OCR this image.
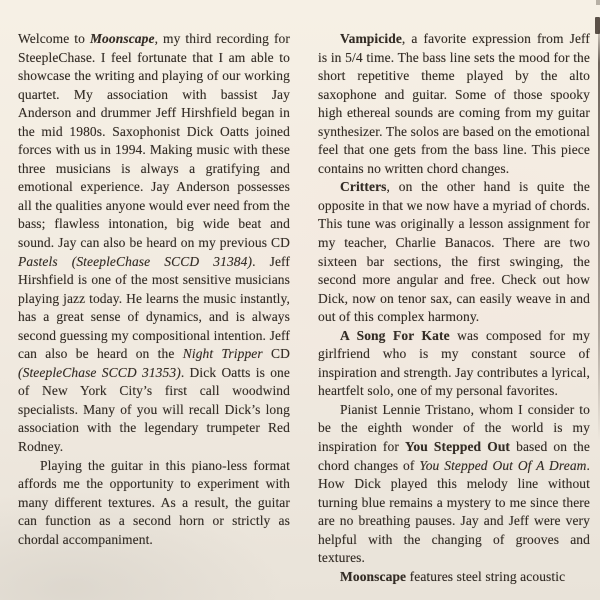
Welcome to Moonscape, my third recording for SteepleChase. I feel fortunate that I am able to showcase the writing and playing of our working quartet. My association with bassist Jay Anderson and drummer Jeff Hirshfield began in the mid 1980s. Saxophonist Dick Oatts joined forces with us in 1994. Making music with these three musicians is always a gratifying and emotional experience. Jay Anderson possesses all the qualities anyone would ever need from the bass; flawless intonation, big wide beat and sound. Jay can also be heard on my previous CD Pastels (SteepleChase SCCD 31384). Jeff Hirshfield is one of the most sensitive musicians playing jazz today. He learns the music instantly, has a great sense of dynamics, and is always second guessing my compositional intention. Jeff can also be heard on the Night Tripper CD (SteepleChase SCCD 31353). Dick Oatts is one of New York City’s first call woodwind specialists. Many of you will recall Dick’s long association with the legendary trumpeter Red Rodney.

Playing the guitar in this piano-less format affords me the opportunity to experiment with many different textures. As a result, the guitar can function as a second horn or strictly as chordal accompaniment.

Vampicide, a favorite expression from Jeff is in 5/4 time. The bass line sets the mood for the short repetitive theme played by the alto saxophone and guitar. Some of those spooky high ethereal sounds are coming from my guitar synthesizer. The solos are based on the emotional feel that one gets from the bass line. This piece contains no written chord changes.

Critters, on the other hand is quite the opposite in that we now have a myriad of chords. This tune was originally a lesson assignment for my teacher, Charlie Banacos. There are two sixteen bar sections, the first swinging, the second more angular and free. Check out how Dick, now on tenor sax, can easily weave in and out of this complex harmony.

A Song For Kate was composed for my girlfriend who is my constant source of inspiration and strength. Jay contributes a lyrical, heartfelt solo, one of my personal favorites.

Pianist Lennie Tristano, whom I consider to be the eighth wonder of the world is my inspiration for You Stepped Out based on the chord changes of You Stepped Out Of A Dream. How Dick played this melody line without turning blue remains a mystery to me since there are no breathing pauses. Jay and Jeff were very helpful with the changing of grooves and textures.

Moonscape features steel string acoustic
